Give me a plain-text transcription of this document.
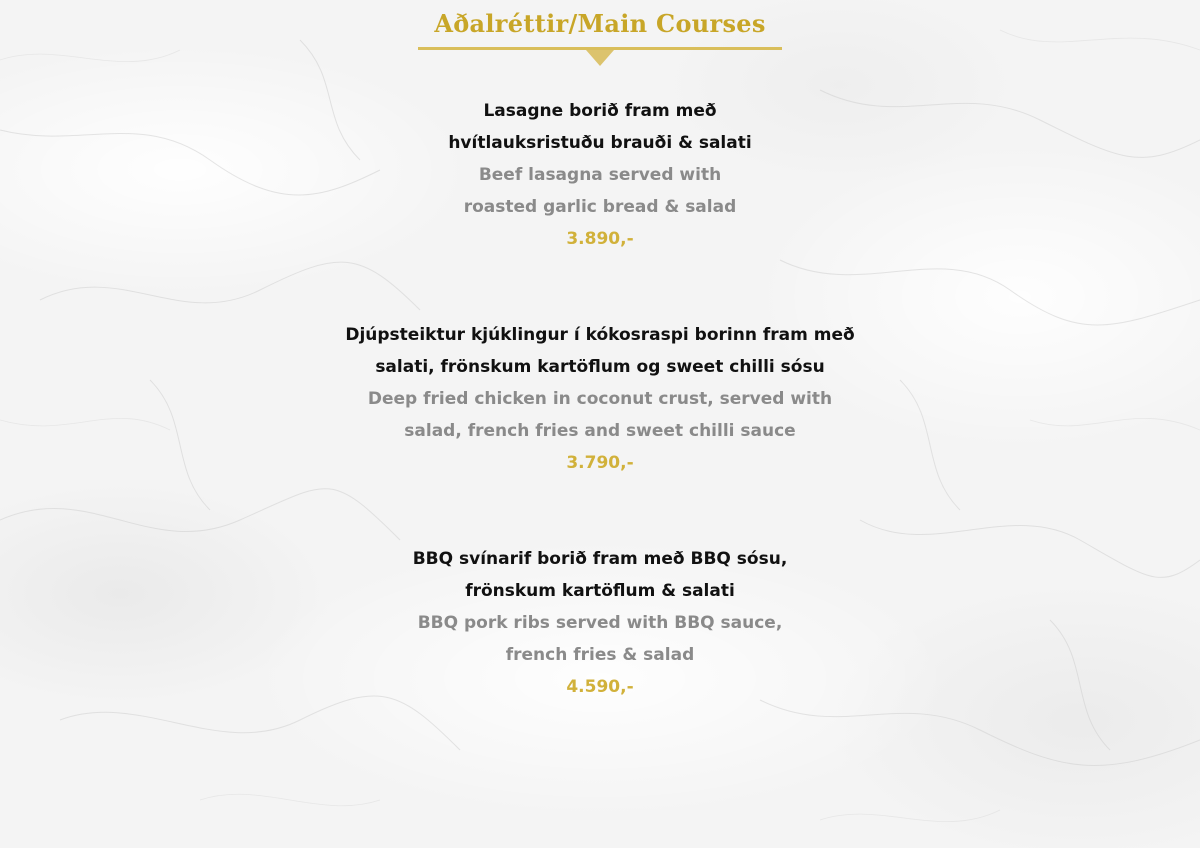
Aðalréttir/Main Courses
Lasagne borið fram með
hvítlauksristuðu brauði & salati
Beef lasagna served with
roasted garlic bread & salad
3.890,-
Djúpsteiktur kjúklingur í kókosraspi borinn fram með
salati, frönskum kartöflum og sweet chilli sósu
Deep fried chicken in coconut crust, served with
salad, french fries and sweet chilli sauce
3.790,-
BBQ svínarif borið fram með BBQ sósu,
frönskum kartöflum & salati
BBQ pork ribs served with BBQ sauce,
french fries & salad
4.590,-
